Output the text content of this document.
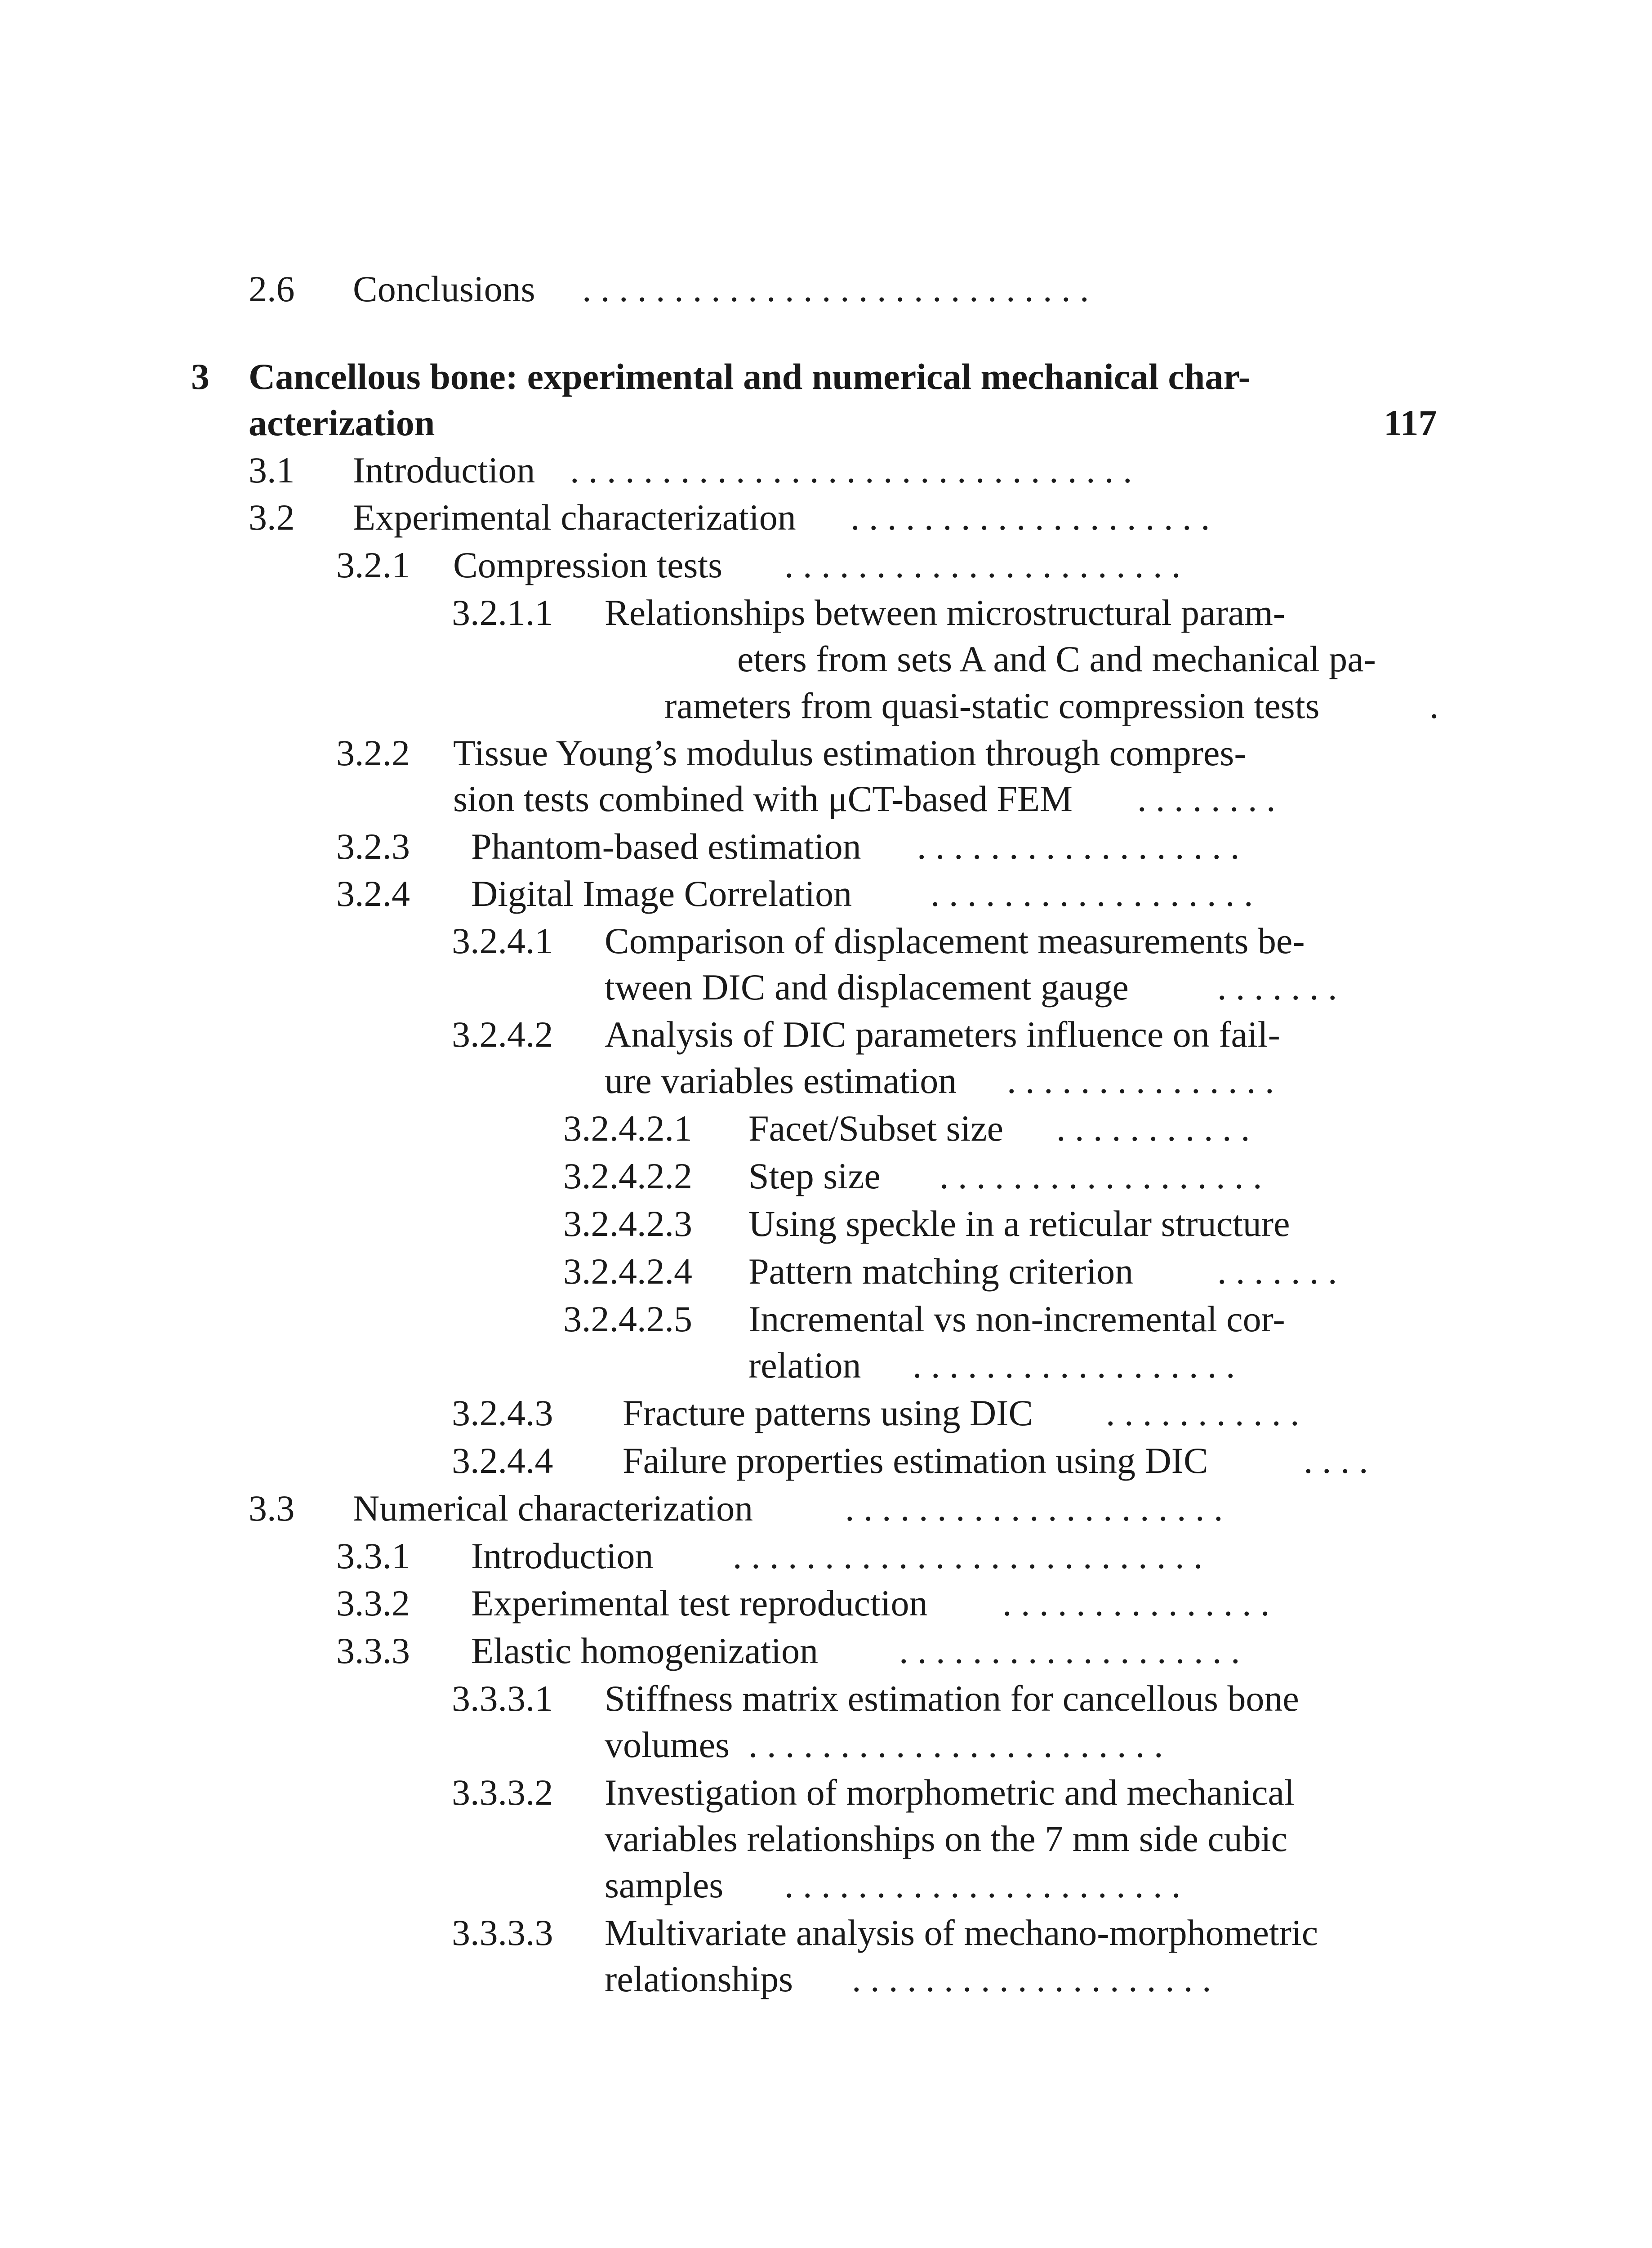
2.6 Conclusions . . . . . . . . . . . . . . . . . . . . . . . . . . . .
3 Cancellous bone: experimental and numerical mechanical char-
acterization	117
3.1 Introduction . . . . . . . . . . . . . . . . . . . . . . . . . . . . . . .
3.2 Experimental characterization . . . . . . . . . . . . . . . . . . . .
3.2.1 Compression tests . . . . . . . . . . . . . . . . . . . . . .
3.2.1.1 Relationships between microstructural param-
eters from sets A and C and mechanical pa-
rameters from quasi-static compression tests	.
3.2.2 Tissue Young’s modulus estimation through compres-
sion tests combined with μCT-based FEM . . . . . . . .
3.2.3 Phantom-based estimation . . . . . . . . . . . . . . . . . .
3.2.4 Digital Image Correlation . . . . . . . . . . . . . . . . . .
3.2.4.1 Comparison of displacement measurements be-
tween DIC and displacement gauge . . . . . . .
3.2.4.2 Analysis of DIC parameters influence on fail-
ure variables estimation . . . . . . . . . . . . . . .
3.2.4.2.1 Facet/Subset size . . . . . . . . . . .
3.2.4.2.2 Step size . . . . . . . . . . . . . . . . . .
3.2.4.2.3 Using speckle in a reticular structure
3.2.4.2.4 Pattern matching criterion . . . . . . .
3.2.4.2.5 Incremental vs non-incremental cor-
relation . . . . . . . . . . . . . . . . . .
3.2.4.3 Fracture patterns using DIC . . . . . . . . . . .
3.2.4.4 Failure properties estimation using DIC	. . . .
3.3 Numerical characterization . . . . . . . . . . . . . . . . . . . . .
3.3.1 Introduction . . . . . . . . . . . . . . . . . . . . . . . . . .
3.3.2 Experimental test reproduction . . . . . . . . . . . . . . .
3.3.3 Elastic homogenization . . . . . . . . . . . . . . . . . . .
3.3.3.1 Stiffness matrix estimation for cancellous bone
volumes . . . . . . . . . . . . . . . . . . . . . . .
3.3.3.2 Investigation of morphometric and mechanical
variables relationships on the 7 mm side cubic
samples . . . . . . . . . . . . . . . . . . . . . .
3.3.3.3 Multivariate analysis of mechano-morphometric
relationships . . . . . . . . . . . . . . . . . . . .
